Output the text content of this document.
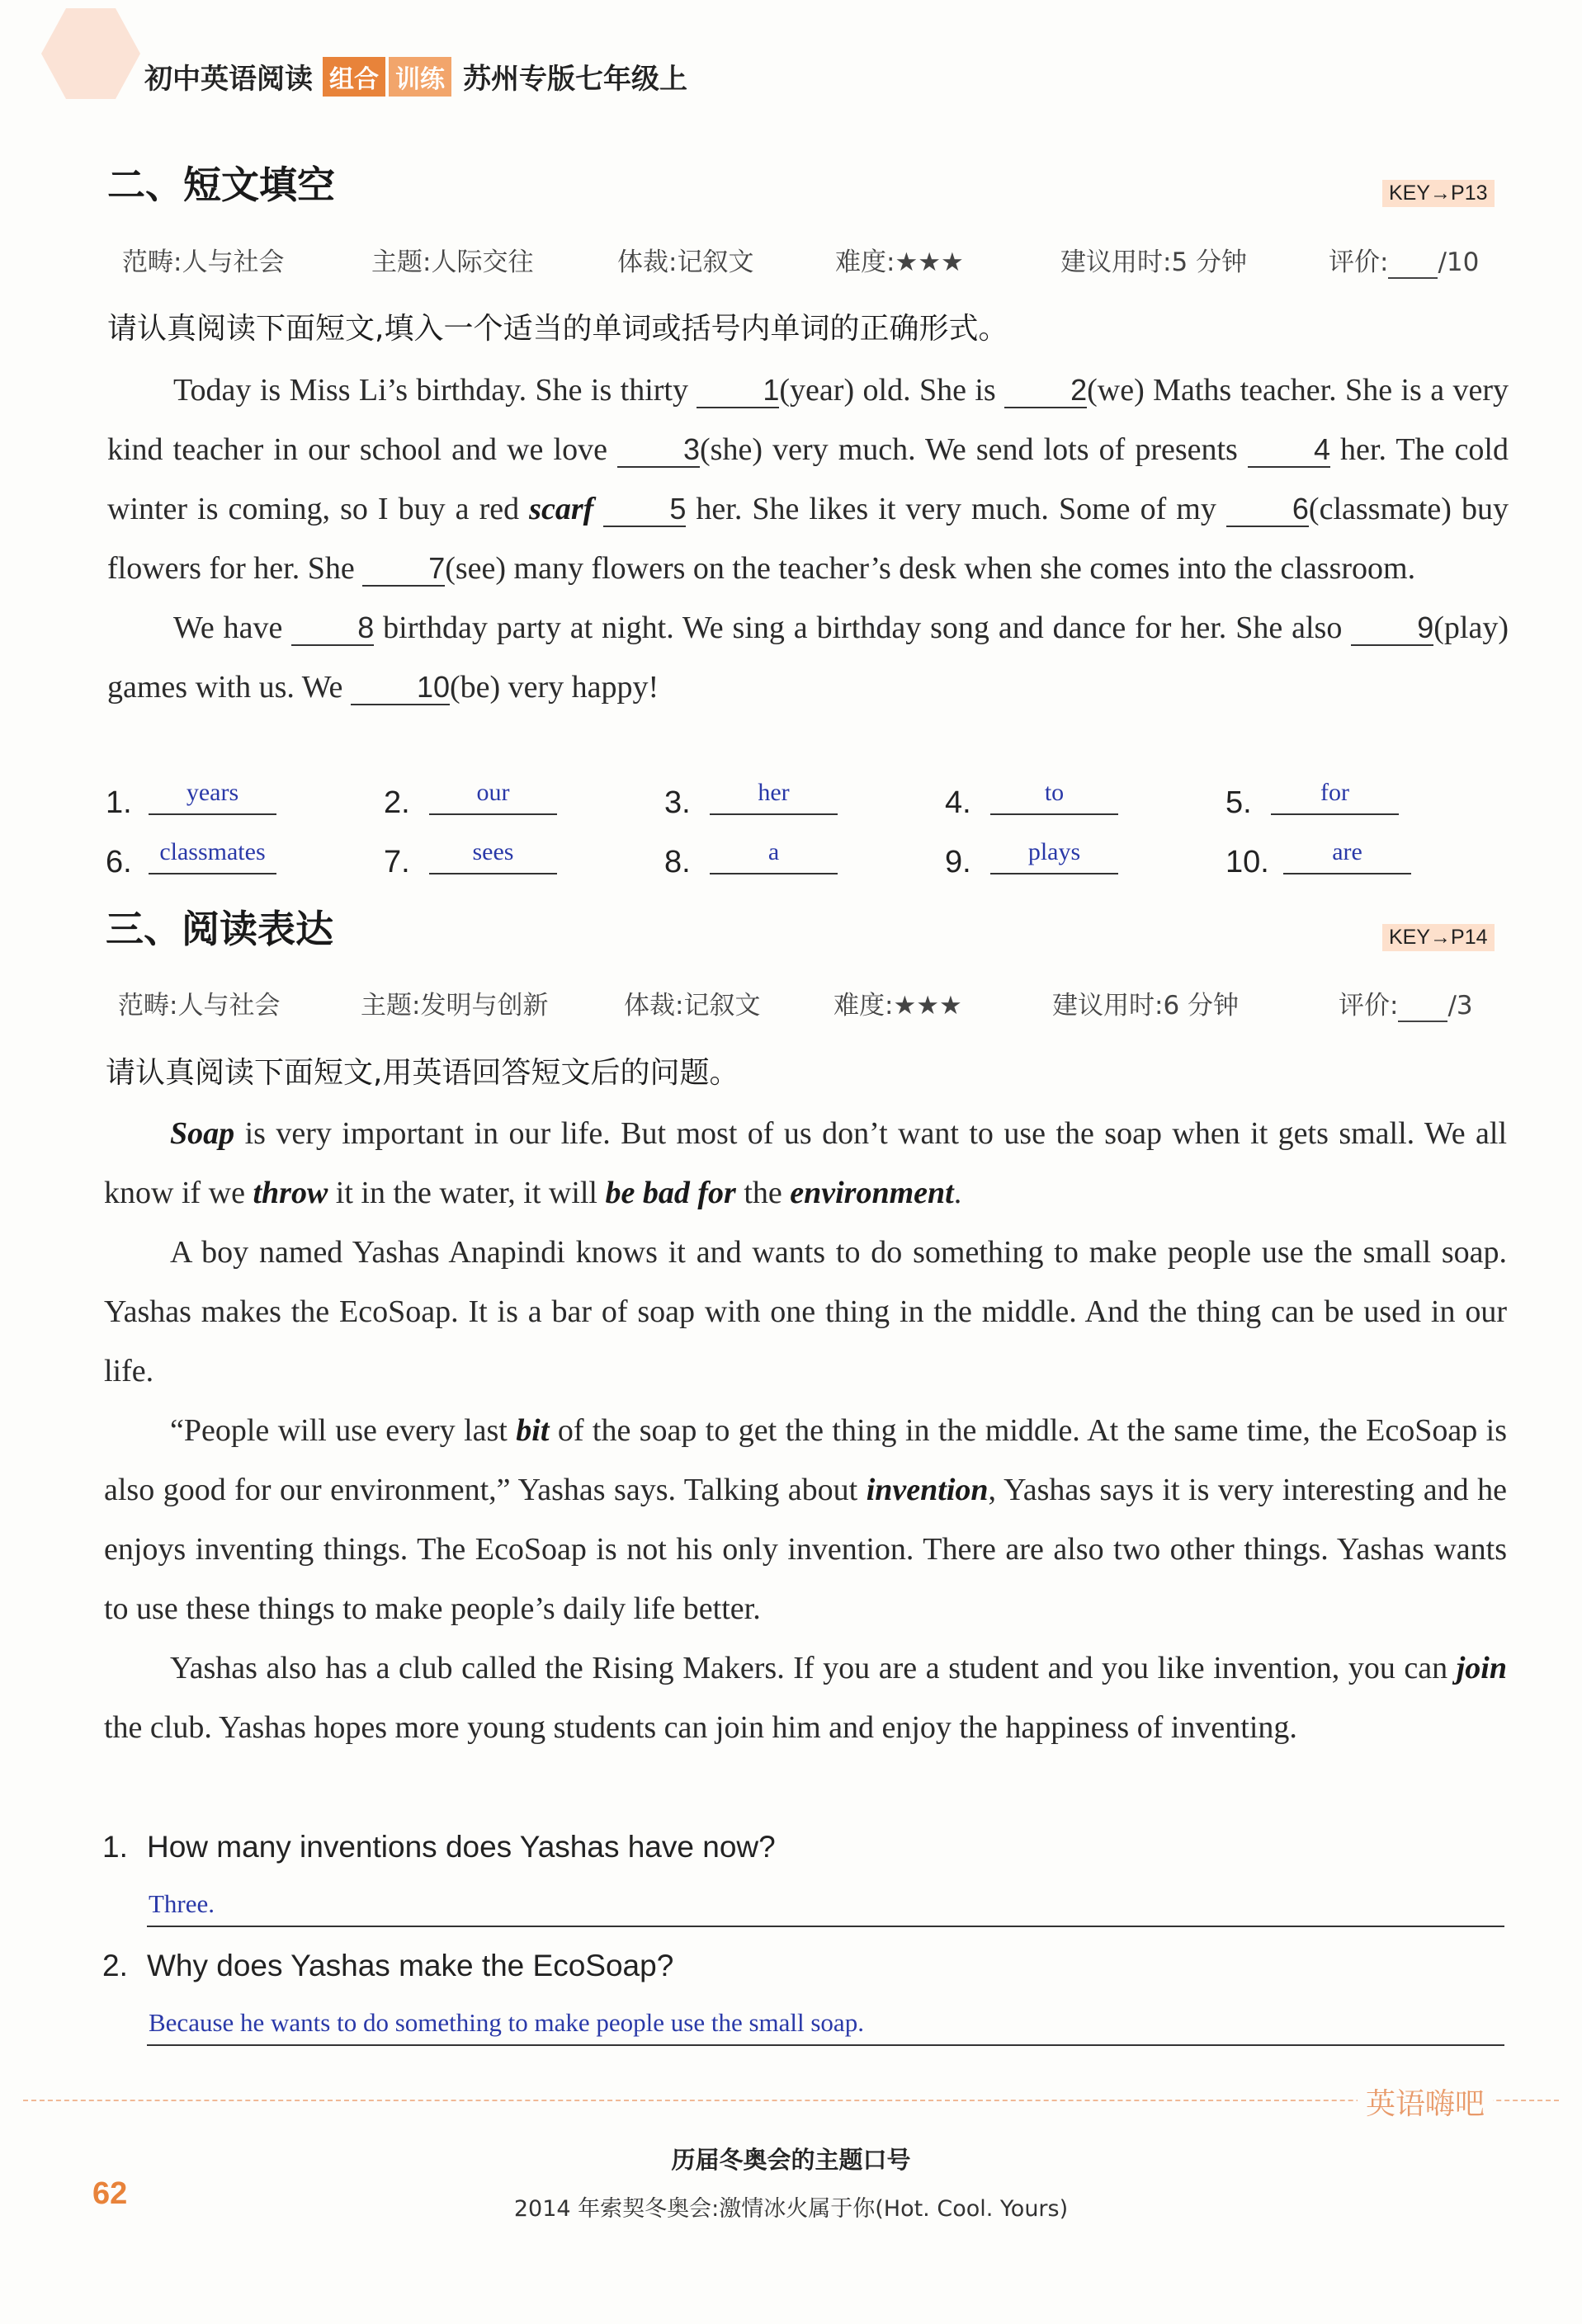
初中英语阅读 组合 训练 苏州专版七年级上
二、短文填空	KEY→P13
范畴:人与社会	主题:人际交往	体裁:记叙文	难度:★★★	建议用时:5 分钟	评价: /10
请认真阅读下面短文,填入一个适当的单词或括号内单词的正确形式。
Today is Miss Li’s birthday. She is thirty 1(year) old. She is 2(we) Maths teacher. She is a very kind teacher in our school and we love 3(she) very much. We send lots of presents 4 her. The cold winter is coming, so I buy a red scarf	5 her. She likes it very much. Some of my 6(classmate) buy flowers for her. She 7(see) many flowers on the teacher’s desk when she comes into the classroom.
We have 8 birthday party at night. We sing a birthday song and dance for her. She also 9(play) games with us. We 10(be) very happy!
1.	years	2.	our	3.	her	4.	to	5.	for
6.	classmates	7.	sees	8.	a	9.	plays	10.	are
三、阅读表达	KEY→P14
范畴:人与社会	主题:发明与创新	体裁:记叙文	难度:★★★	建议用时:6 分钟	评价: /3
请认真阅读下面短文,用英语回答短文后的问题。
Soap is very important in our life. But most of us don’t want to use the soap when it gets small. We all know if we throw it in the water, it will be bad for the environment.
A boy named Yashas Anapindi knows it and wants to do something to make people use the small soap. Yashas makes the EcoSoap. It is a bar of soap with one thing in the middle. And the thing can be used in our life.
“People will use every last bit of the soap to get the thing in the middle. At the same time, the EcoSoap is also good for our environment,” Yashas says. Talking about invention, Yashas says it is very interesting and he enjoys inventing things. The EcoSoap is not his only invention. There are also two other things. Yashas wants to use these things to make people’s daily life better.
Yashas also has a club called the Rising Makers. If you are a student and you like invention, you can join the club. Yashas hopes more young students can join him and enjoy the happiness of inventing.
1. How many inventions does Yashas have now?
Three.
2. Why does Yashas make the EcoSoap?
Because he wants to do something to make people use the small soap.
英语嗨吧
62
历届冬奥会的主题口号
2014 年索契冬奥会:激情冰火属于你(Hot. Cool. Yours)
